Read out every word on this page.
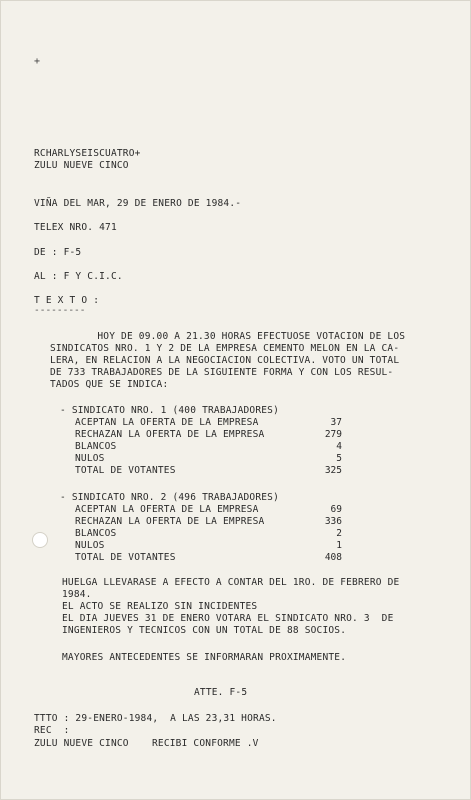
+
RCHARLYSEISCUATRO+
ZULU NUEVE CINCO
VIÑA DEL MAR, 29 DE ENERO DE 1984.-
TELEX NRO. 471
DE : F-5
AL : F Y C.I.C.
T E X T O :
---------
HOY DE 09.00 A 21.30 HORAS EFECTUOSE VOTACION DE LOS
SINDICATOS NRO. 1 Y 2 DE LA EMPRESA CEMENTO MELON EN LA CA-
LERA, EN RELACION A LA NEGOCIACION COLECTIVA. VOTO UN TOTAL
DE 733 TRABAJADORES DE LA SIGUIENTE FORMA Y CON LOS RESUL-
TADOS QUE SE INDICA:
- SINDICATO NRO. 1 (400 TRABAJADORES)
ACEPTAN LA OFERTA DE LA EMPRESA	37
RECHAZAN LA OFERTA DE LA EMPRESA	279
BLANCOS	4
NULOS	5
TOTAL DE VOTANTES	325
- SINDICATO NRO. 2 (496 TRABAJADORES)
ACEPTAN LA OFERTA DE LA EMPRESA	69
RECHAZAN LA OFERTA DE LA EMPRESA	336
BLANCOS	2
NULOS	1
TOTAL DE VOTANTES	408
HUELGA LLEVARASE A EFECTO A CONTAR DEL 1RO. DE FEBRERO DE
1984.
EL ACTO SE REALIZO SIN INCIDENTES
EL DIA JUEVES 31 DE ENERO VOTARA EL SINDICATO NRO. 3  DE
INGENIEROS Y TECNICOS CON UN TOTAL DE 88 SOCIOS.
MAYORES ANTECEDENTES SE INFORMARAN PROXIMAMENTE.
ATTE. F-5
TTTO : 29-ENERO-1984,  A LAS 23,31 HORAS.
REC  :
ZULU NUEVE CINCO RECIBI CONFORME .V
